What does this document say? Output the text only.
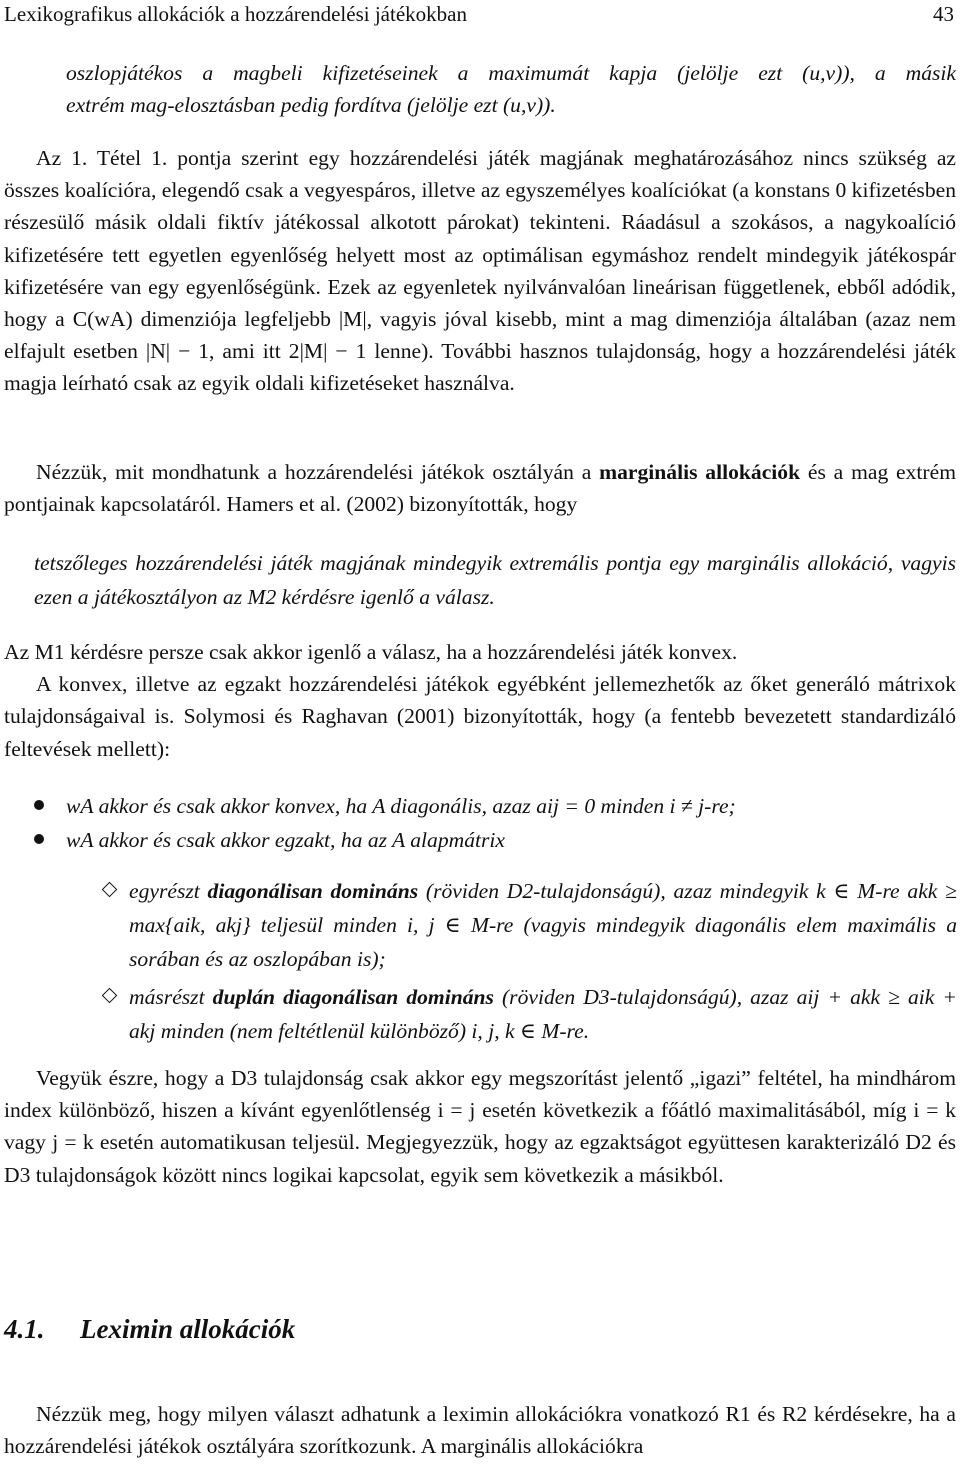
Lexikografikus allokációk a hozzárendelési játékokban	43
oszlopjátékos a magbeli kifizetéseinek a maximumát kapja (jelölje ezt (u,v)), a másik
extrém mag-elosztásban pedig fordítva (jelölje ezt (u,v)).
Az 1. Tétel 1. pontja szerint egy hozzárendelési játék magjának meghatározásához nincs szükség az összes koalícióra, elegendő csak a vegyespáros, illetve az egyszemélyes koalíciókat (a konstans 0 kifizetésben részesülő másik oldali fiktív játékossal alkotott párokat) tekinteni. Ráadásul a szokásos, a nagykoalíció kifizetésére tett egyetlen egyenlőség helyett most az optimálisan egymáshoz rendelt mindegyik játékospár kifizetésére van egy egyenlőségünk. Ezek az egyenletek nyilvánvalóan lineárisan függetlenek, ebből adódik, hogy a C(wA) dimenziója legfeljebb |M|, vagyis jóval kisebb, mint a mag dimenziója általában (azaz nem elfajult esetben |N| − 1, ami itt 2|M| − 1 lenne). További hasznos tulajdonság, hogy a hozzárendelési játék magja leírható csak az egyik oldali kifizetéseket használva.
Nézzük, mit mondhatunk a hozzárendelési játékok osztályán a marginális allokációk és a mag extrém pontjainak kapcsolatáról. Hamers et al. (2002) bizonyították, hogy
tetszőleges hozzárendelési játék magjának mindegyik extremális pontja egy marginális allokáció, vagyis ezen a játékosztályon az M2 kérdésre igenlő a válasz.
Az M1 kérdésre persze csak akkor igenlő a válasz, ha a hozzárendelési játék konvex.
A konvex, illetve az egzakt hozzárendelési játékok egyébként jellemezhetők az őket generáló mátrixok tulajdonságaival is. Solymosi és Raghavan (2001) bizonyították, hogy (a fentebb bevezetett standardizáló feltevések mellett):
wA akkor és csak akkor konvex, ha A diagonális, azaz aij = 0 minden i ≠ j-re;
wA akkor és csak akkor egzakt, ha az A alapmátrix
egyrészt diagonálisan domináns (röviden D2-tulajdonságú), azaz mindegyik k ∈ M-re akk ≥ max{aik, akj} teljesül minden i, j ∈ M-re (vagyis mindegyik diagonális elem maximális a sorában és az oszlopában is);
másrészt duplán diagonálisan domináns (röviden D3-tulajdonságú), azaz aij + akk ≥ aik + akj minden (nem feltétlenül különböző) i, j, k ∈ M-re.
Vegyük észre, hogy a D3 tulajdonság csak akkor egy megszorítást jelentő „igazi” feltétel, ha mindhárom index különböző, hiszen a kívánt egyenlőtlenség i = j esetén következik a főátló maximalitásából, míg i = k vagy j = k esetén automatikusan teljesül. Megjegyezzük, hogy az egzaktságot együttesen karakterizáló D2 és D3 tulajdonságok között nincs logikai kapcsolat, egyik sem következik a másikból.
4.1. Leximin allokációk
Nézzük meg, hogy milyen választ adhatunk a leximin allokációkra vonatkozó R1 és R2 kérdésekre, ha a hozzárendelési játékok osztályára szorítkozunk. A marginális allokációkra
